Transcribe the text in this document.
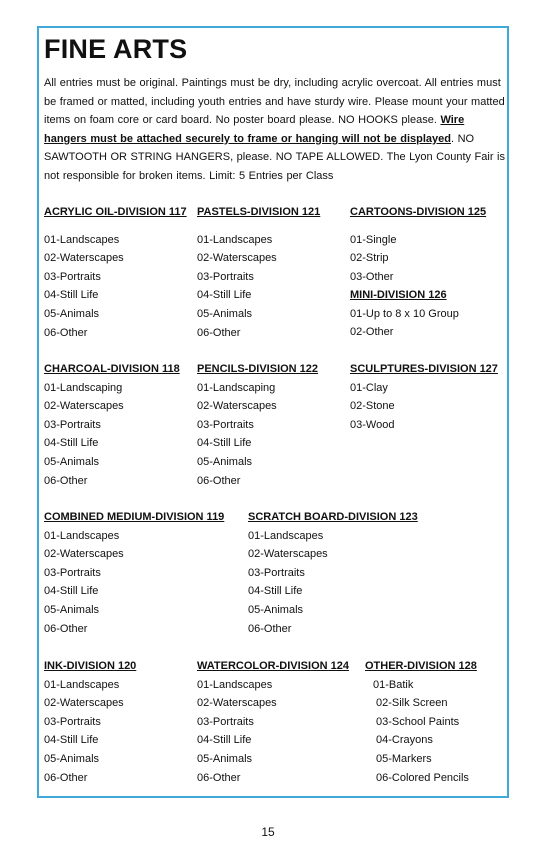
FINE ARTS
All entries must be original. Paintings must be dry, including acrylic overcoat. All entries must be framed or matted, including youth entries and have sturdy wire. Please mount your matted items on foam core or card board. No poster board please. NO HOOKS please. Wire hangers must be attached securely to frame or hanging will not be displayed. NO SAWTOOTH OR STRING HANGERS, please. NO TAPE ALLOWED. The Lyon County Fair is not responsible for broken items. Limit: 5 Entries per Class
ACRYLIC OIL-DIVISION 117
01-Landscapes
02-Waterscapes
03-Portraits
04-Still Life
05-Animals
06-Other
PASTELS-DIVISION 121
01-Landscapes
02-Waterscapes
03-Portraits
04-Still Life
05-Animals
06-Other
CARTOONS-DIVISION 125
01-Single
02-Strip
03-Other
MINI-DIVISION 126
01-Up to 8 x 10 Group
02-Other
CHARCOAL-DIVISION 118
01-Landscaping
02-Waterscapes
03-Portraits
04-Still Life
05-Animals
06-Other
PENCILS-DIVISION 122
01-Landscaping
02-Waterscapes
03-Portraits
04-Still Life
05-Animals
06-Other
SCULPTURES-DIVISION 127
01-Clay
02-Stone
03-Wood
COMBINED MEDIUM-DIVISION 119
01-Landscapes
02-Waterscapes
03-Portraits
04-Still Life
05-Animals
06-Other
SCRATCH BOARD-DIVISION 123
01-Landscapes
02-Waterscapes
03-Portraits
04-Still Life
05-Animals
06-Other
INK-DIVISION 120
01-Landscapes
02-Waterscapes
03-Portraits
04-Still Life
05-Animals
06-Other
WATERCOLOR-DIVISION 124
01-Landscapes
02-Waterscapes
03-Portraits
04-Still Life
05-Animals
06-Other
OTHER-DIVISION 128
01-Batik
02-Silk Screen
03-School Paints
04-Crayons
05-Markers
06-Colored Pencils
15
